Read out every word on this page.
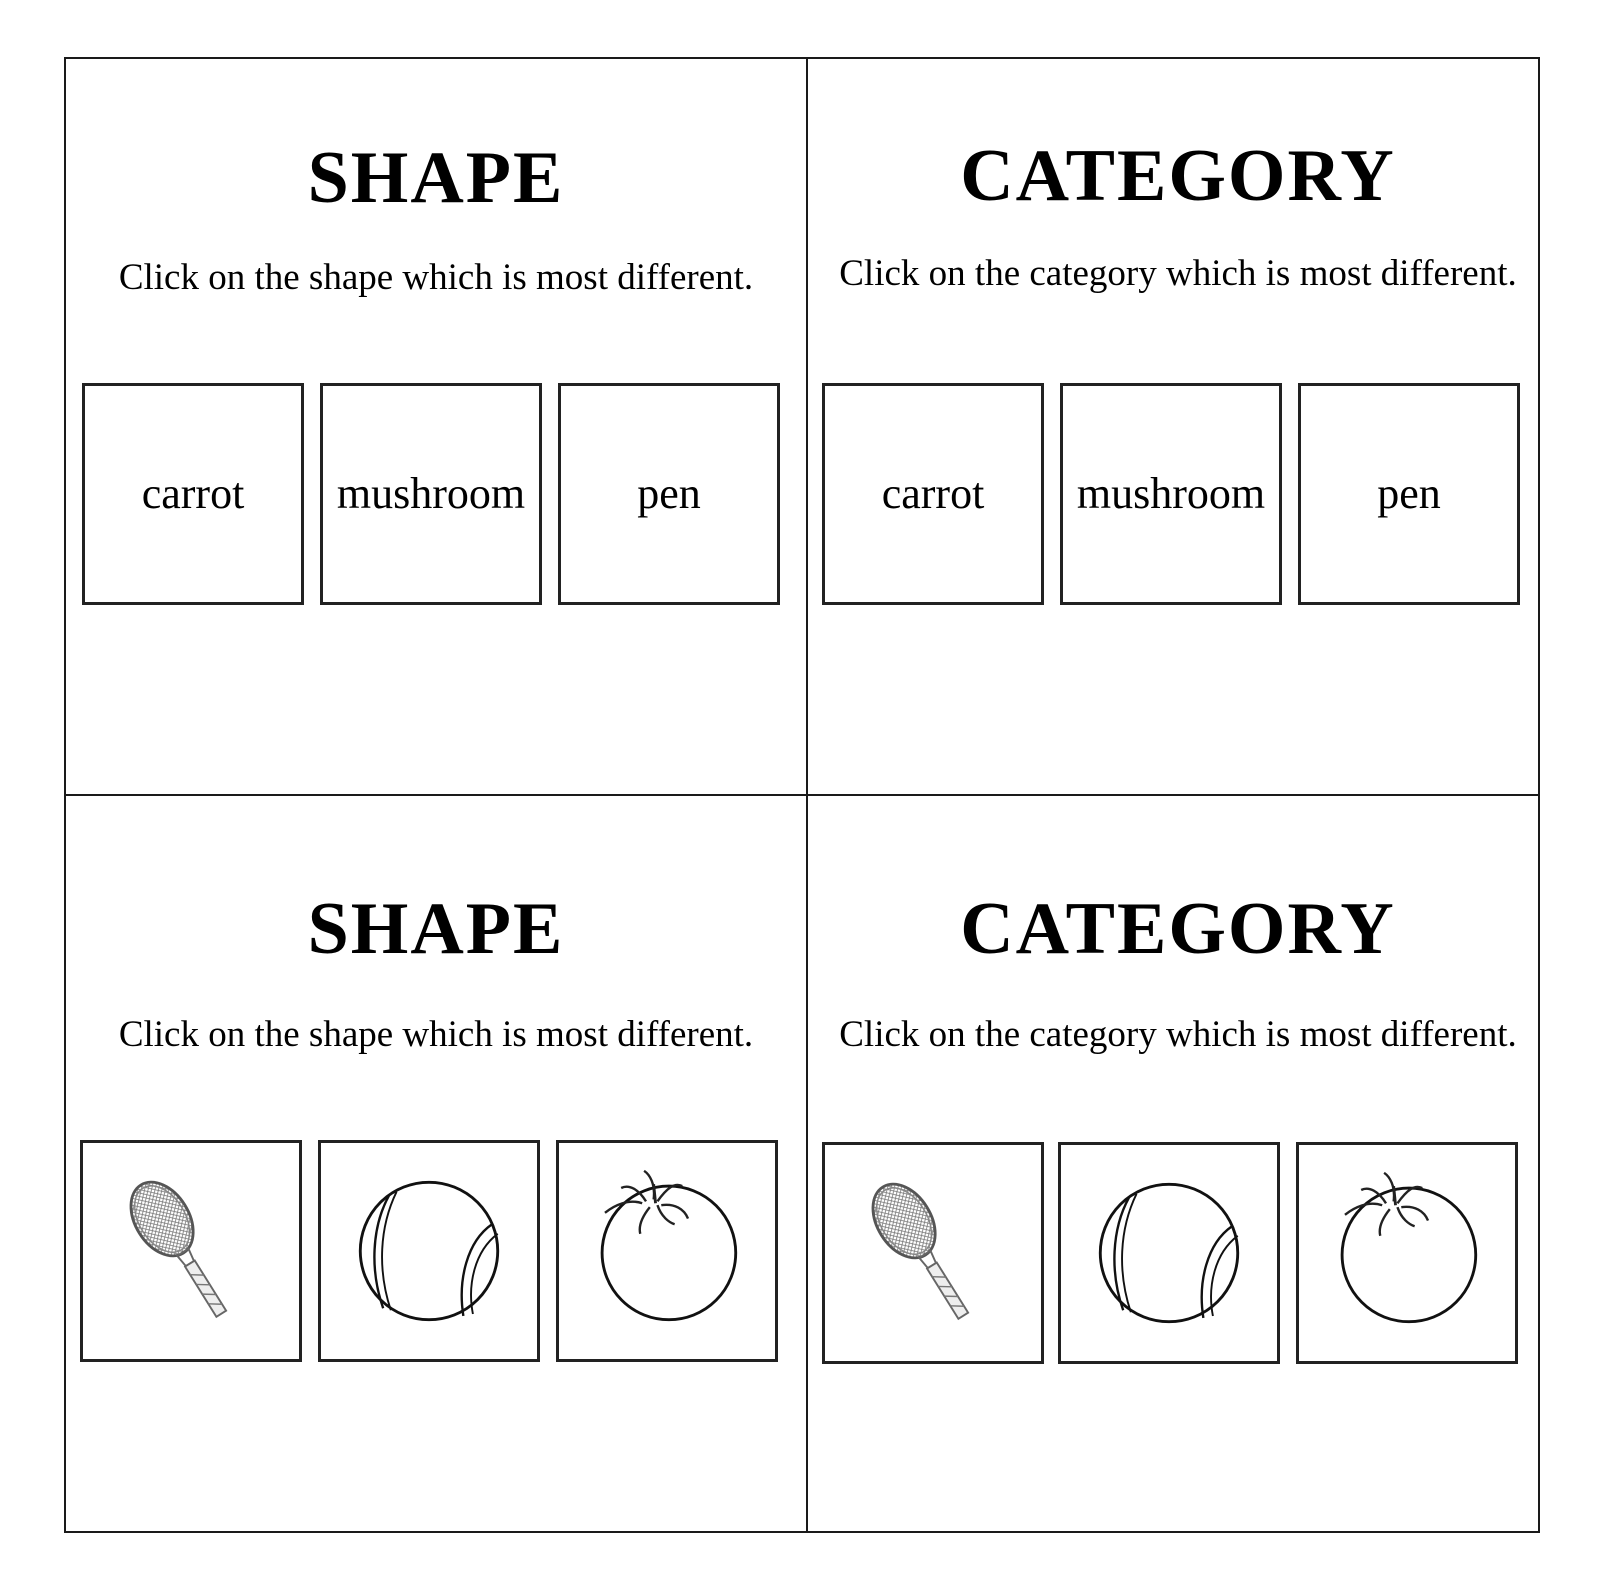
SHAPE
Click on the shape which is most different.
carrot mushroom	pen
CATEGORY
Click on the category which is most different.
carrot mushroom	pen
SHAPE
Click on the shape which is most different.
CATEGORY
Click on the category which is most different.
